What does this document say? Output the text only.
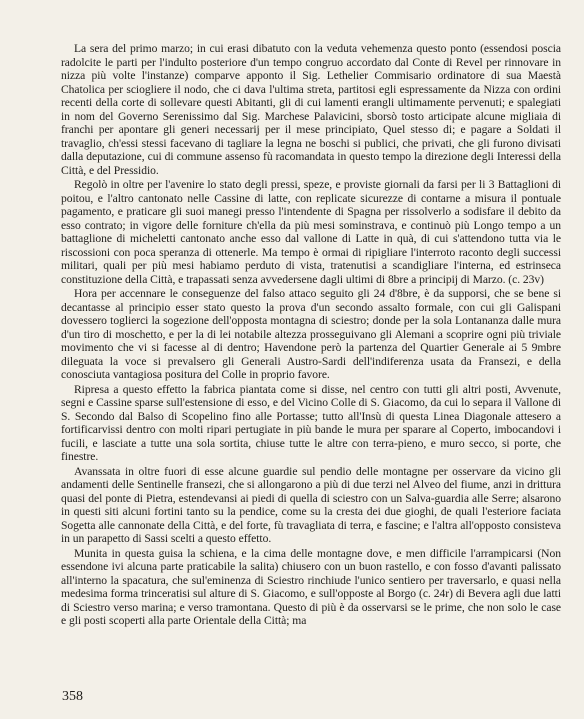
La sera del primo marzo; in cui erasi dibatuto con la veduta vehemenza questo ponto (essendosi poscia radolcite le parti per l'indulto posteriore d'un tempo congruo accordato dal Conte di Revel per rinnovare in nizza più volte l'instanze) comparve apponto il Sig. Lethelier Commisario ordinatore di sua Maestà Chatolica per sciogliere il nodo, che ci dava l'ultima streta, partitosi egli espressamente da Nizza con ordini recenti della corte di sollevare questi Abitanti, gli di cui lamenti erangli ultimamente pervenuti; e spalegiati in nom del Governo Serenissimo dal Sig. Marchese Palavicini, sborsò tosto articipate alcune migliaia di franchi per apontare gli generi necessarij per il mese principiato, Quel stesso di; e pagare a Soldati il travaglio, ch'essi stessi facevano di tagliare la legna ne boschi si publici, che privati, che gli furono divisati dalla deputazione, cui di commune assenso fù racomandata in questo tempo la direzione degli Interessi della Città, e del Pressidio.

Regolò in oltre per l'avenire lo stato degli pressi, speze, e proviste giornali da farsi per li 3 Battaglioni di poitou, e l'altro cantonato nelle Cassine di latte, con replicate sicurezze di contarne a misura il pontuale pagamento, e praticare gli suoi manegi presso l'intendente di Spagna per rissolverlo a sodisfare il debito da esso contrato; in vigore delle forniture ch'ella da più mesi sominstrava, e continuò più Longo tempo a un battaglione di micheletti cantonato anche esso dal vallone di Latte in quà, di cui s'attendono tutta via le riscossioni con poca speranza di ottenerle. Ma tempo è ormai di ripigliare l'interroto raconto degli successi militari, quali per più mesi habiamo perduto di vista, tratenutisi a scandigliare l'interna, ed estrinseca constituzione della Città, e trapassati senza avvedersene dagli ultimi di 8bre a principij di Marzo. (c. 23v)

Hora per accennare le conseguenze del falso attaco seguito gli 24 d'8bre, è da supporsi, che se bene si decantasse al principio esser stato questo la prova d'un secondo assalto formale, con cui gli Galispani dovessero toglierci la sogezione dell'opposta montagna di sciestro; donde per la sola Lontananza dalle mura d'un tiro di moschetto, e per la di lei notabile altezza prosseguivano gli Alemani a scoprire ogni più triviale movimento che vi si facesse al di dentro; Havendone però la partenza del Quartier Generale ai 5 9mbre dileguata la voce si prevalsero gli Generali Austro-Sardi dell'indiferenza usata da Fransezi, e della conosciuta vantagiosa positura del Colle in proprio favore.

Ripresa a questo effetto la fabrica piantata come si disse, nel centro con tutti gli altri posti, Avvenute, segni e Cassine sparse sull'estensione di esso, e del Vicino Colle di S. Giacomo, da cui lo separa il Vallone di S. Secondo dal Balso di Scopelino fino alle Portasse; tutto all'Insù di questa Linea Diagonale attesero a fortificarvissi dentro con molti ripari pertugiate in più bande le mura per sparare al Coperto, imbocandovi i fucili, e lasciate a tutte una sola sortita, chiuse tutte le altre con terra-pieno, e muro secco, si porte, che finestre.

Avanssata in oltre fuori di esse alcune guardie sul pendio delle montagne per osservare da vicino gli andamenti delle Sentinelle fransezi, che si allongarono a più di due terzi nel Alveo del fiume, anzi in drittura quasi del ponte di Pietra, estendevansi ai piedi di quella di sciestro con un Salva-guardia alle Serre; alsarono in questi siti alcuni fortini tanto su la pendice, come su la cresta dei due gioghi, de quali l'esteriore faciata Sogetta alle cannonate della Città, e del forte, fù travagliata di terra, e fascine; e l'altra all'opposto consisteva in un parapetto di Sassi scelti a questo effetto.

Munita in questa guisa la schiena, e la cima delle montagne dove, e men difficile l'arrampicarsi (Non essendone ivi alcuna parte praticabile la salita) chiusero con un buon rastello, e con fosso d'avanti palissato all'interno la spacatura, che sul'eminenza di Sciestro rinchiude l'unico sentiero per traversarlo, e quasi nella medesima forma trinceratisi sul alture di S. Giacomo, e sull'opposte al Borgo (c. 24r) di Bevera agli due latti di Sciestro verso marina; e verso tramontana. Questo di più è da osservarsi se le prime, che non solo le case e gli posti scoperti alla parte Orientale della Città; ma

358
